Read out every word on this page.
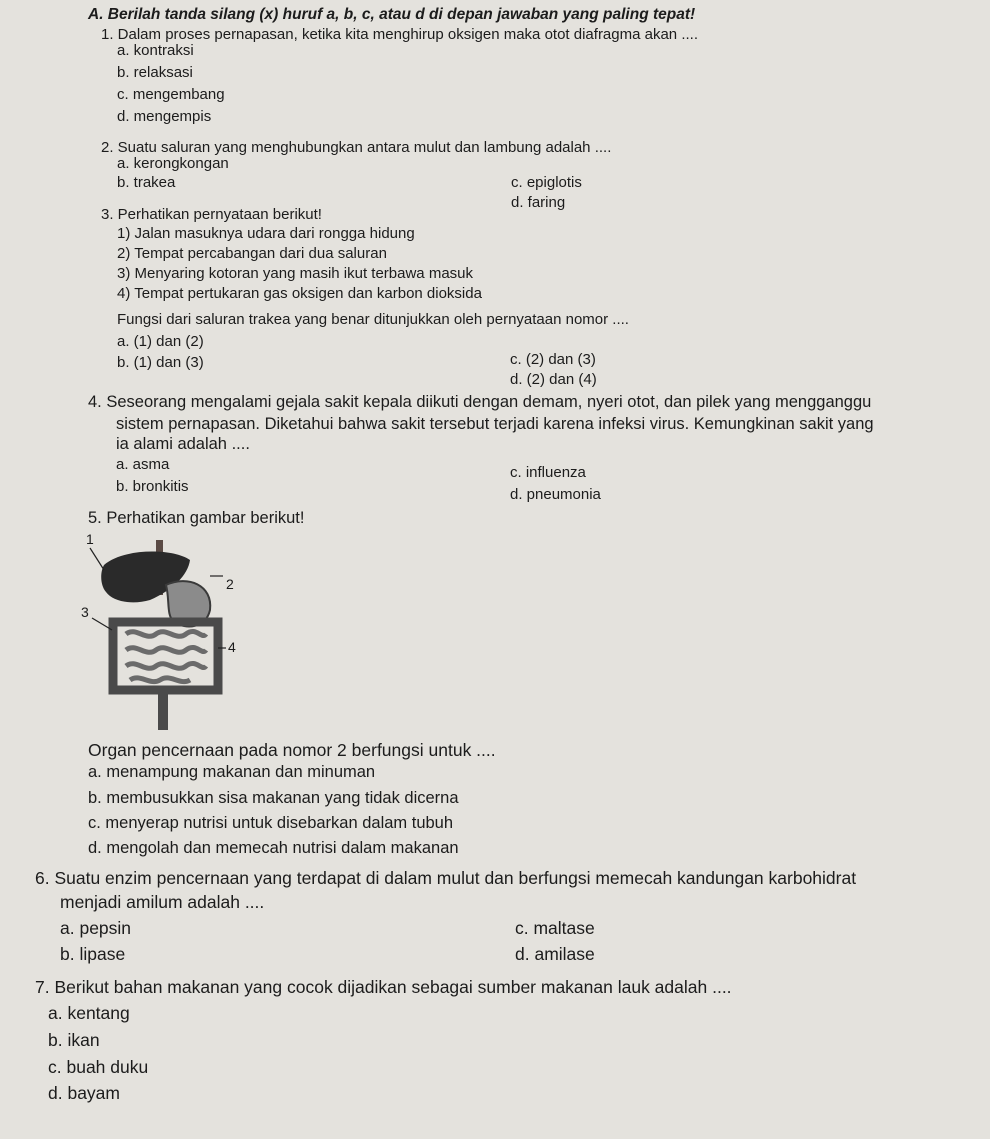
A. Berilah tanda silang (x) huruf a, b, c, atau d di depan jawaban yang paling tepat!
1. Dalam proses pernapasan, ketika kita menghirup oksigen maka otot diafragma akan ....
a. kontraksi
b. relaksasi
c. mengembang
d. mengempis
2. Suatu saluran yang menghubungkan antara mulut dan lambung adalah ....
a. kerongkongan
b. trakea	c. epiglotis
d. faring
3. Perhatikan pernyataan berikut!
1) Jalan masuknya udara dari rongga hidung
2) Tempat percabangan dari dua saluran
3) Menyaring kotoran yang masih ikut terbawa masuk
4) Tempat pertukaran gas oksigen dan karbon dioksida
Fungsi dari saluran trakea yang benar ditunjukkan oleh pernyataan nomor ....
a. (1) dan (2)
b. (1) dan (3)	c. (2) dan (3)
d. (2) dan (4)
4. Seseorang mengalami gejala sakit kepala diikuti dengan demam, nyeri otot, dan pilek yang mengganggu
sistem pernapasan. Diketahui bahwa sakit tersebut terjadi karena infeksi virus. Kemungkinan sakit yang
ia alami adalah ....
a. asma
b. bronkitis
c. influenza
d. pneumonia
5. Perhatikan gambar berikut!
1
2
3
4
Organ pencernaan pada nomor 2 berfungsi untuk ....
a. menampung makanan dan minuman
b. membusukkan sisa makanan yang tidak dicerna
c. menyerap nutrisi untuk disebarkan dalam tubuh
d. mengolah dan memecah nutrisi dalam makanan
6. Suatu enzim pencernaan yang terdapat di dalam mulut dan berfungsi memecah kandungan karbohidrat
menjadi amilum adalah ....
a. pepsin
b. lipase
c. maltase
d. amilase
7. Berikut bahan makanan yang cocok dijadikan sebagai sumber makanan lauk adalah ....
a. kentang
b. ikan
c. buah duku
d. bayam
